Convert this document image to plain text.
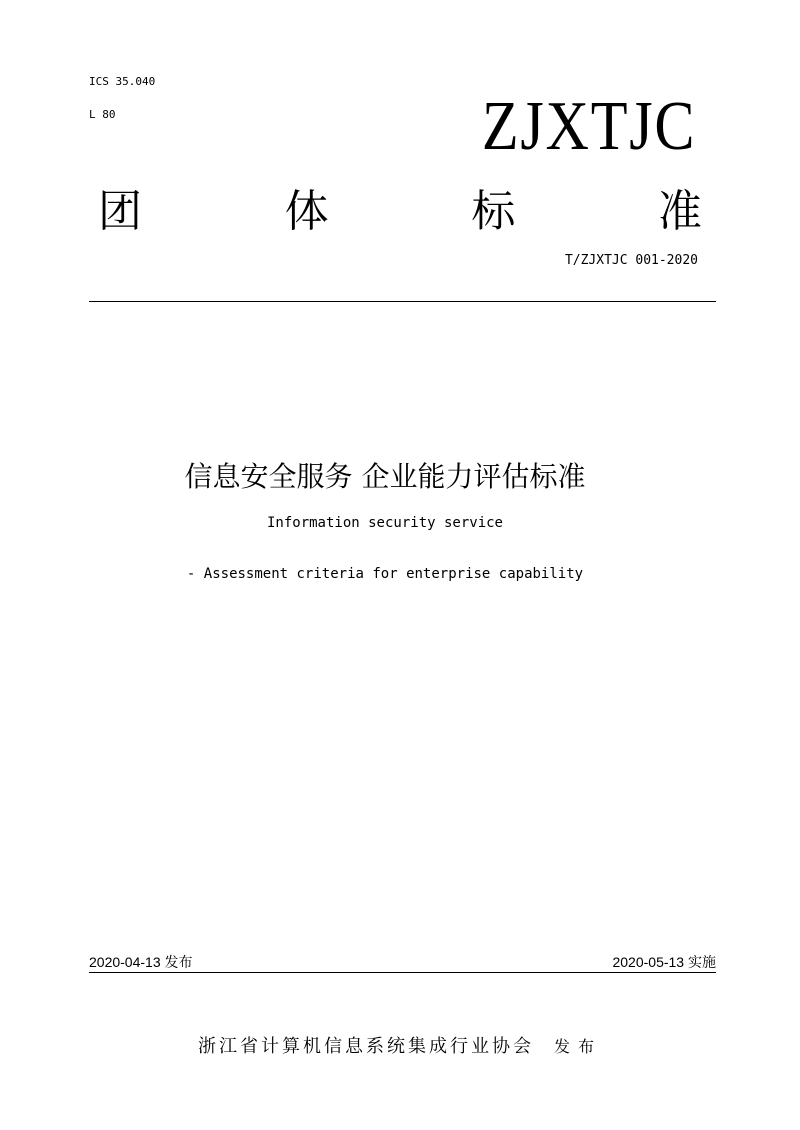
ICS 35.040
L 80	ZJXTJC
团	体	标	准
T/ZJXTJC 001-2020
信息安全服务 企业能力评估标准
Information security service
- Assessment criteria for enterprise capability
2020-04-13 发布	2020-05-13 实施
浙江省计算机信息系统集成行业协会 发布
